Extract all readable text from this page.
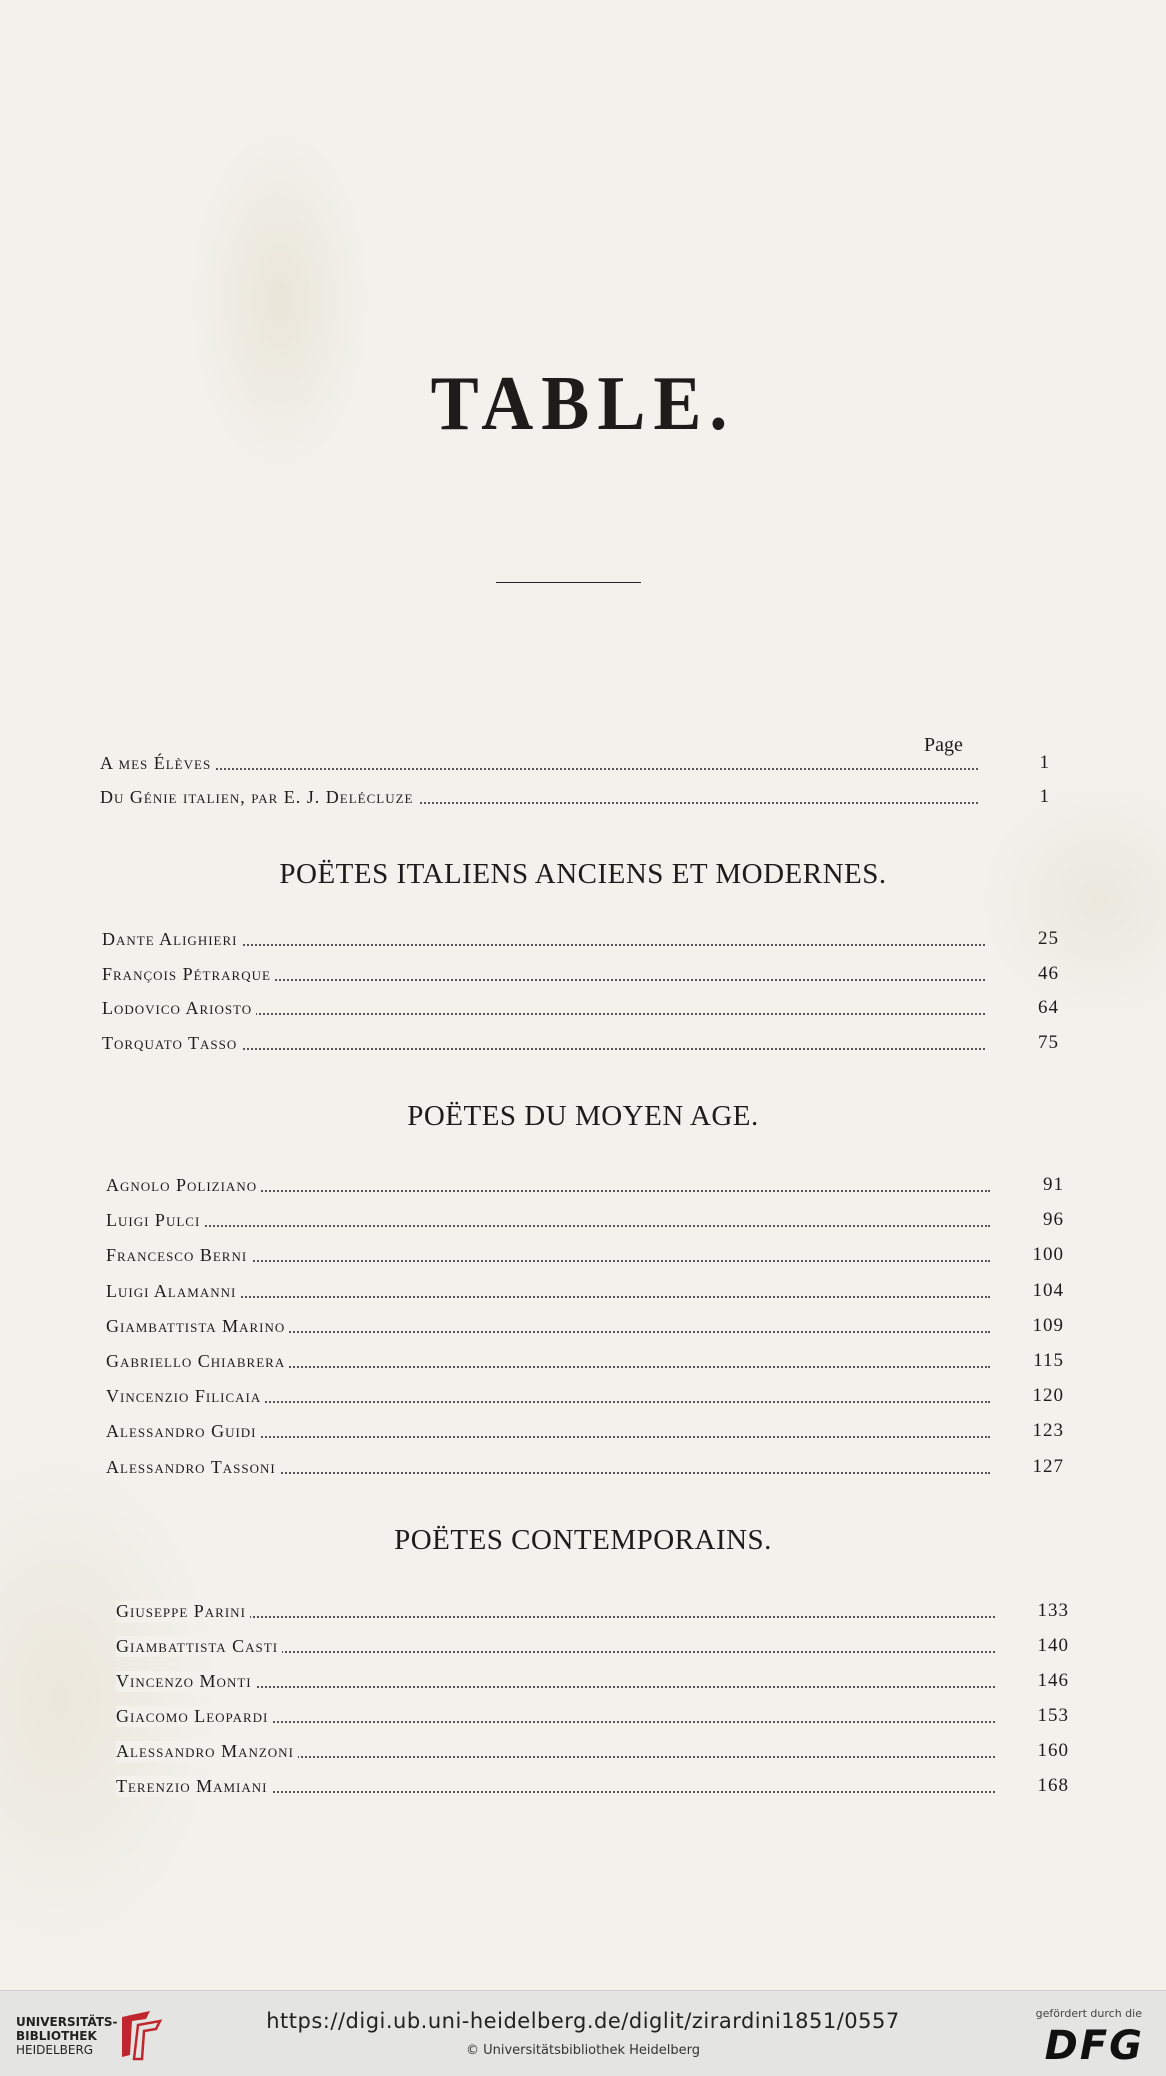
TABLE.
Page
A mes Élèves	1
Du Génie italien, par E. J. Delécluze	1
POËTES ITALIENS ANCIENS ET MODERNES.
Dante Alighieri	25
François Pétrarque	46
Lodovico Ariosto	64
Torquato Tasso	75
POËTES DU MOYEN AGE.
Agnolo Poliziano	91
Luigi Pulci	96
Francesco Berni	100
Luigi Alamanni	104
Giambattista Marino	109
Gabriello Chiabrera	115
Vincenzio Filicaia	120
Alessandro Guidi	123
Alessandro Tassoni	127
POËTES CONTEMPORAINS.
Giuseppe Parini	133
Giambattista Casti	140
Vincenzo Monti	146
Giacomo Leopardi	153
Alessandro Manzoni	160
Terenzio Mamiani	168
UNIVERSITÄTS-
BIBLIOTHEK
HEIDELBERG
https://digi.ub.uni-heidelberg.de/diglit/zirardini1851/0557
© Universitätsbibliothek Heidelberg
gefördert durch die
DFG
